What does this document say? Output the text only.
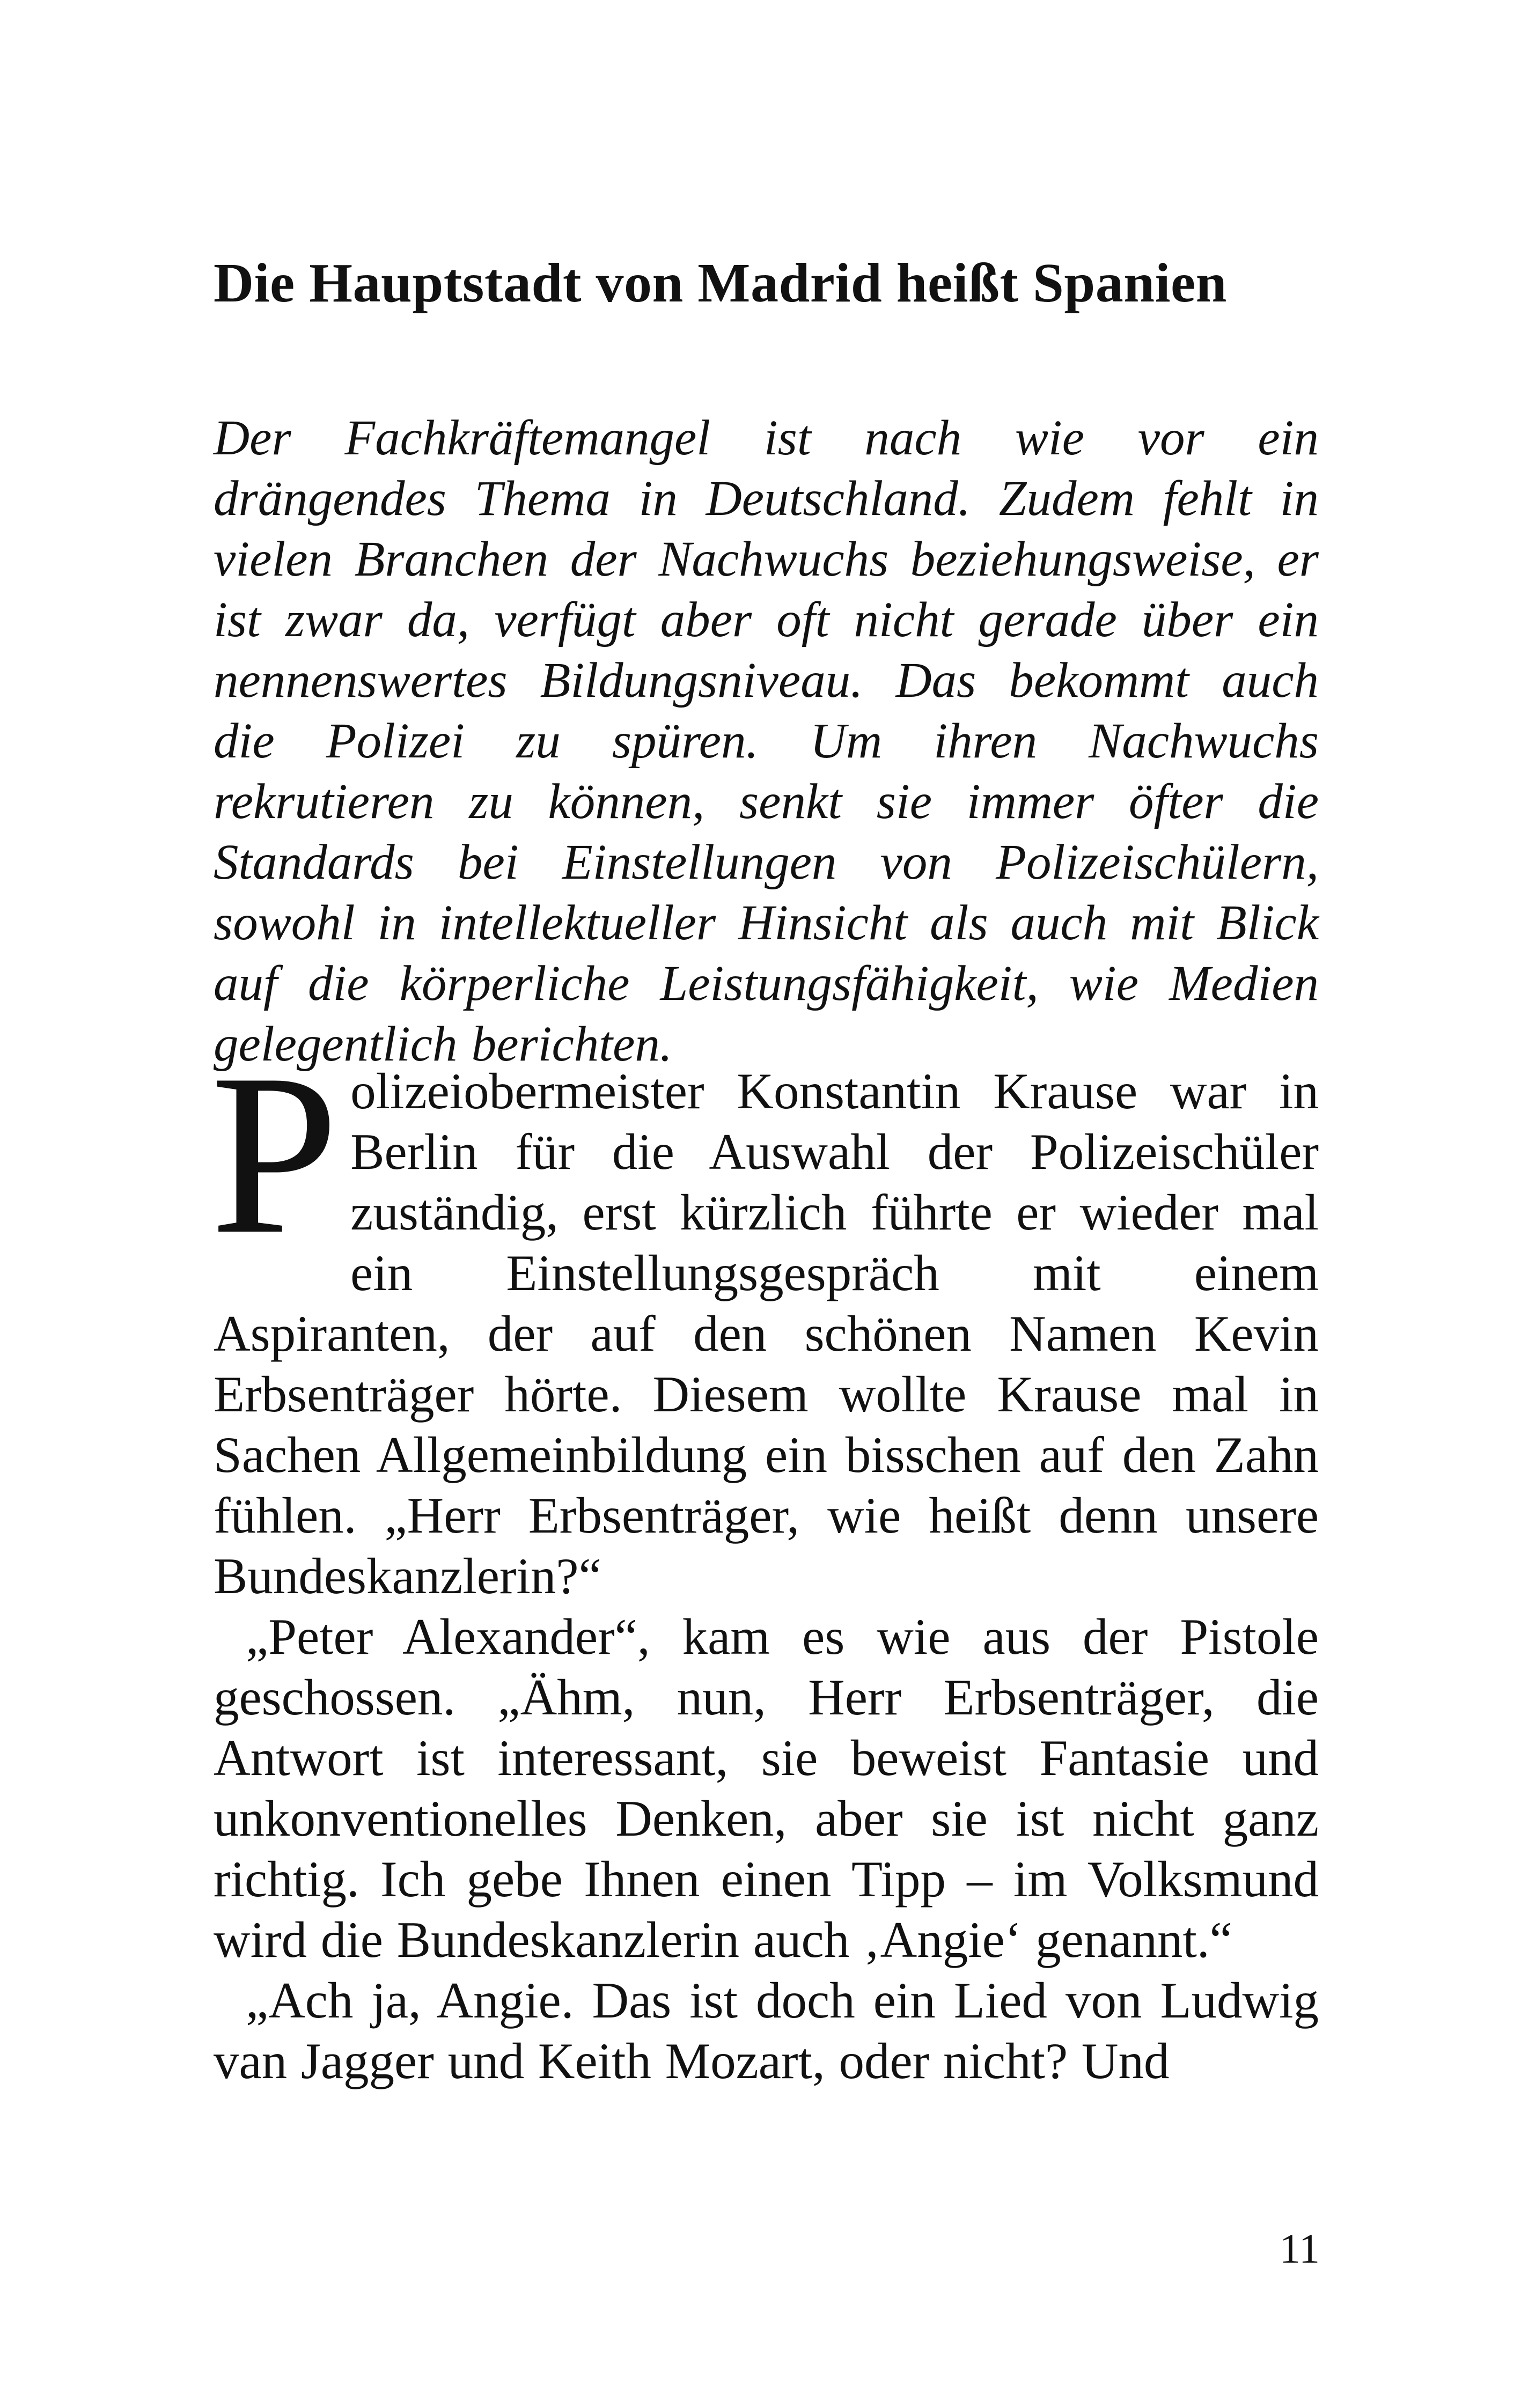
Die Hauptstadt von Madrid heißt Spanien

Der Fachkräftemangel ist nach wie vor ein drängendes Thema in Deutschland. Zudem fehlt in vielen Branchen der Nachwuchs beziehungsweise, er ist zwar da, verfügt aber oft nicht gerade über ein nennenswertes Bildungsniveau. Das bekommt auch die Polizei zu spüren. Um ihren Nachwuchs rekrutieren zu können, senkt sie immer öfter die Standards bei Einstellungen von Polizeischülern, sowohl in intellektueller Hinsicht als auch mit Blick auf die körperliche Leistungsfähigkeit, wie Medien gelegentlich berichten.

P olizeiobermeister Konstantin Krause war in Berlin für die Auswahl der Polizeischüler zuständig, erst kürzlich führte er wieder mal ein Einstellungsgespräch mit einem Aspiranten, der auf den schönen Namen Kevin Erbsenträger hörte. Diesem wollte Krause mal in Sachen Allgemeinbildung ein bisschen auf den Zahn fühlen. „Herr Erbsenträger, wie heißt denn unsere Bundeskanzlerin?“

„Peter Alexander“, kam es wie aus der Pistole geschossen. „Ähm, nun, Herr Erbsenträger, die Antwort ist interessant, sie beweist Fantasie und unkonventionelles Denken, aber sie ist nicht ganz richtig. Ich gebe Ihnen einen Tipp – im Volksmund wird die Bundeskanzlerin auch ‚Angie‘ genannt.“

„Ach ja, Angie. Das ist doch ein Lied von Ludwig van Jagger und Keith Mozart, oder nicht? Und

11
